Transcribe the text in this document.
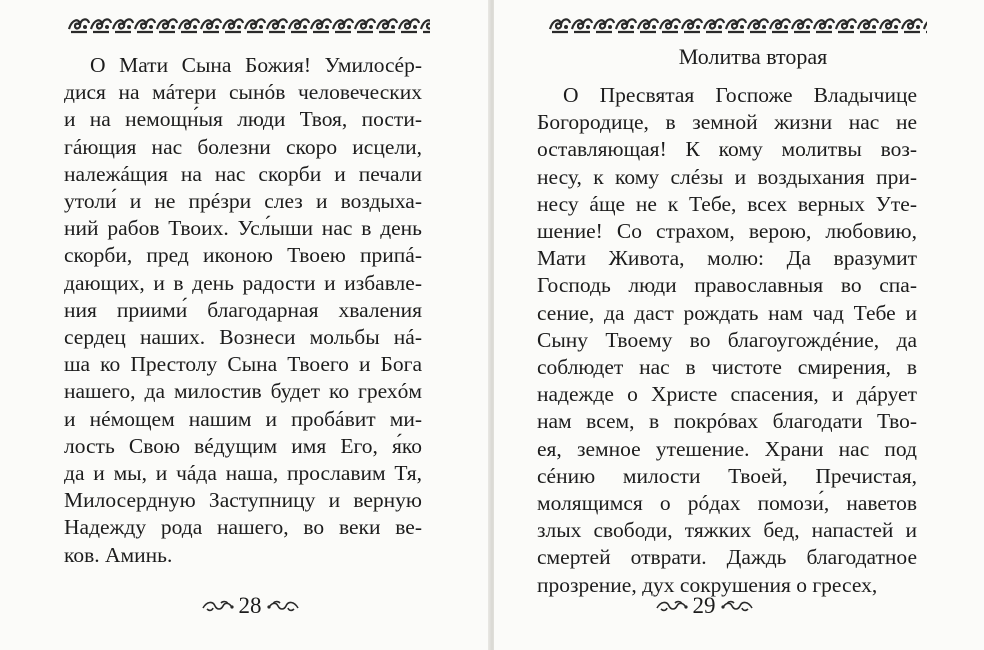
О Мати Сына Божия! Умилосéр-
дися на мáтери сынóв человеческих
и на немощн́ыя люди Твоя, пости-
гáющия нас болезни скоро исцели,
належáщия на нас скорби и печали
утоли́ и не прéзри слез и воздыха-
ний рабов Твоих. Усл́ыши нас в день
скорби, пред иконою Твоею припá-
дающих, и в день радости и избавле-
ния приими́ благодарная хваления
сердец наших. Вознеси мольбы нá-
ша ко Престолу Сына Твоего и Бога
нашего, да милостив будет ко грехóм
и нéмощем нашим и пробáвит ми-
лость Свою вéдущим имя Его, я́ко
да и мы, и чáда наша, прославим Тя,
Милосердную Заступницу и верную
Надежду рода нашего, во веки ве-
ков. Аминь.
28
Молитва вторая
О Пресвятая Госпоже Владычице
Богородице, в земной жизни нас не
оставляющая! К кому молитвы воз-
несу, к кому слéзы и воздыхания при-
несу áще не к Тебе, всех верных Уте-
шение! Со страхом, верою, любовию,
Мати Живота, молю: Да вразумит
Господь люди православныя во спа-
сение, да даст рождать нам чад Тебе и
Сыну Твоему во благоугождéние, да
соблюдет нас в чистоте смирения, в
надежде о Христе спасения, и дáрует
нам всем, в покрóвах благодати Тво-
ея, земное утешение. Храни нас под
сéнию милости Твоей, Пречистая,
молящимся о рóдах помози́, наветов
злых свободи, тяжких бед, напастей и
смертей отврати. Даждь благодатное
прозрение, дух сокрушения о гресех,
29
